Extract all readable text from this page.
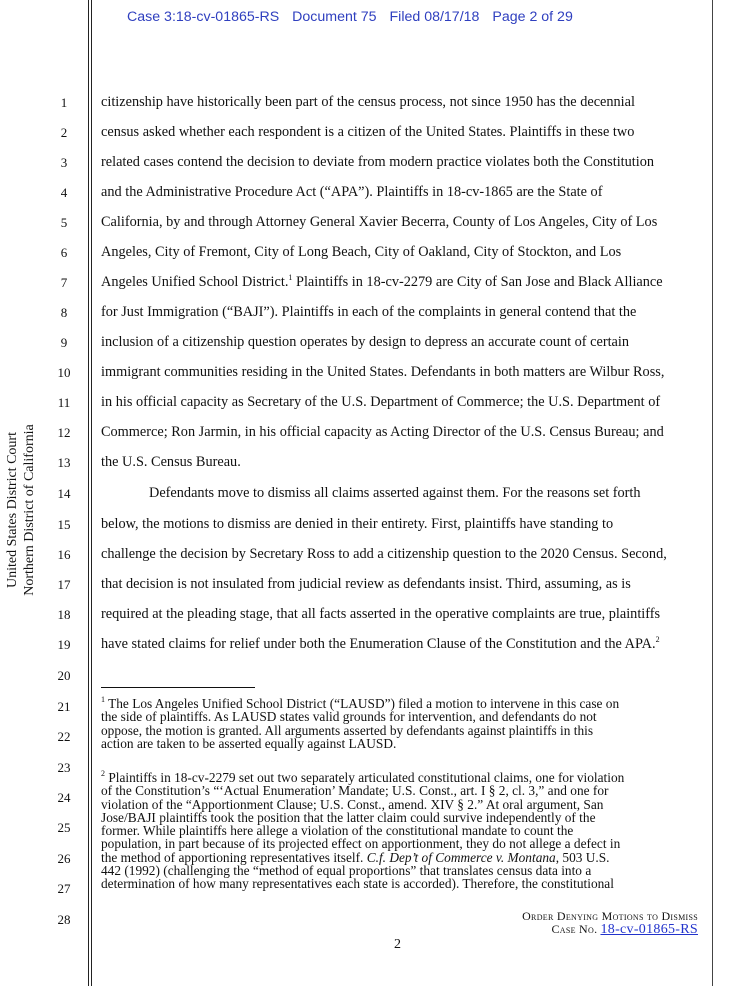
Case 3:18-cv-01865-RS Document 75 Filed 08/17/18 Page 2 of 29
United States District Court Northern District of California
1
2
3
4
5
6
7
8
9
10
11
12
13
14
15
16
17
18
19
20
21
22
23
24
25
26
27
28
citizenship have historically been part of the census process, not since 1950 has the decennial
census asked whether each respondent is a citizen of the United States. Plaintiffs in these two
related cases contend the decision to deviate from modern practice violates both the Constitution
and the Administrative Procedure Act (“APA”). Plaintiffs in 18-cv-1865 are the State of
California, by and through Attorney General Xavier Becerra, County of Los Angeles, City of Los
Angeles, City of Fremont, City of Long Beach, City of Oakland, City of Stockton, and Los
Angeles Unified School District.$^1$ Plaintiffs in 18-cv-2279 are City of San Jose and Black Alliance
for Just Immigration (“BAJI”). Plaintiffs in each of the complaints in general contend that the
inclusion of a citizenship question operates by design to depress an accurate count of certain
immigrant communities residing in the United States. Defendants in both matters are Wilbur Ross,
in his official capacity as Secretary of the U.S. Department of Commerce; the U.S. Department of
Commerce; Ron Jarmin, in his official capacity as Acting Director of the U.S. Census Bureau; and
the U.S. Census Bureau.
Defendants move to dismiss all claims asserted against them. For the reasons set forth
below, the motions to dismiss are denied in their entirety. First, plaintiffs have standing to
challenge the decision by Secretary Ross to add a citizenship question to the 2020 Census. Second,
that decision is not insulated from judicial review as defendants insist. Third, assuming, as is
required at the pleading stage, that all facts asserted in the operative complaints are true, plaintiffs
have stated claims for relief under both the Enumeration Clause of the Constitution and the APA.$^2$
$^1$ The Los Angeles Unified School District (“LAUSD”) filed a motion to intervene in this case on
the side of plaintiffs. As LAUSD states valid grounds for intervention, and defendants do not
oppose, the motion is granted. All arguments asserted by defendants against plaintiffs in this
action are taken to be asserted equally against LAUSD.
$^2$ Plaintiffs in 18-cv-2279 set out two separately articulated constitutional claims, one for violation
of the Constitution’s “‘Actual Enumeration’ Mandate; U.S. Const., art. I § 2, cl. 3,” and one for
violation of the “Apportionment Clause; U.S. Const., amend. XIV § 2.” At oral argument, San
Jose/BAJI plaintiffs took the position that the latter claim could survive independently of the
former. While plaintiffs here allege a violation of the constitutional mandate to count the
population, in part because of its projected effect on apportionment, they do not allege a defect in
the method of apportioning representatives itself. C.f. Dep’t of Commerce v. Montana, 503 U.S.
442 (1992) (challenging the “method of equal proportions” that translates census data into a
determination of how many representatives each state is accorded). Therefore, the constitutional
Order Denying Motions to Dismiss
Case No. 18-cv-01865-RS
2
